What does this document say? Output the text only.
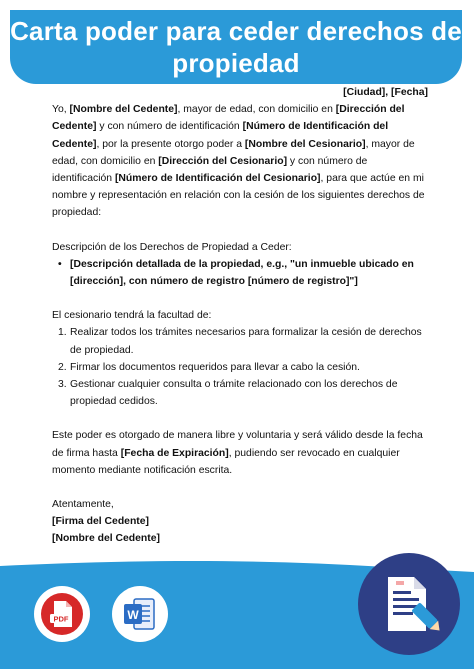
Carta poder para ceder derechos de propiedad

[Ciudad], [Fecha]

Yo, [Nombre del Cedente], mayor de edad, con domicilio en [Dirección del Cedente] y con número de identificación [Número de Identificación del Cedente], por la presente otorgo poder a [Nombre del Cesionario], mayor de edad, con domicilio en [Dirección del Cesionario] y con número de identificación [Número de Identificación del Cesionario], para que actúe en mi nombre y representación en relación con la cesión de los siguientes derechos de propiedad:

Descripción de los Derechos de Propiedad a Ceder:

• [Descripción detallada de la propiedad, e.g., "un inmueble ubicado en [dirección], con número de registro [número de registro]"]

El cesionario tendrá la facultad de:

1. Realizar todos los trámites necesarios para formalizar la cesión de derechos de propiedad.
2. Firmar los documentos requeridos para llevar a cabo la cesión.
3. Gestionar cualquier consulta o trámite relacionado con los derechos de propiedad cedidos.

Este poder es otorgado de manera libre y voluntaria y será válido desde la fecha de firma hasta [Fecha de Expiración], pudiendo ser revocado en cualquier momento mediante notificación escrita.

Atentamente,

[Firma del Cedente]

[Nombre del Cedente]

PDF	W
